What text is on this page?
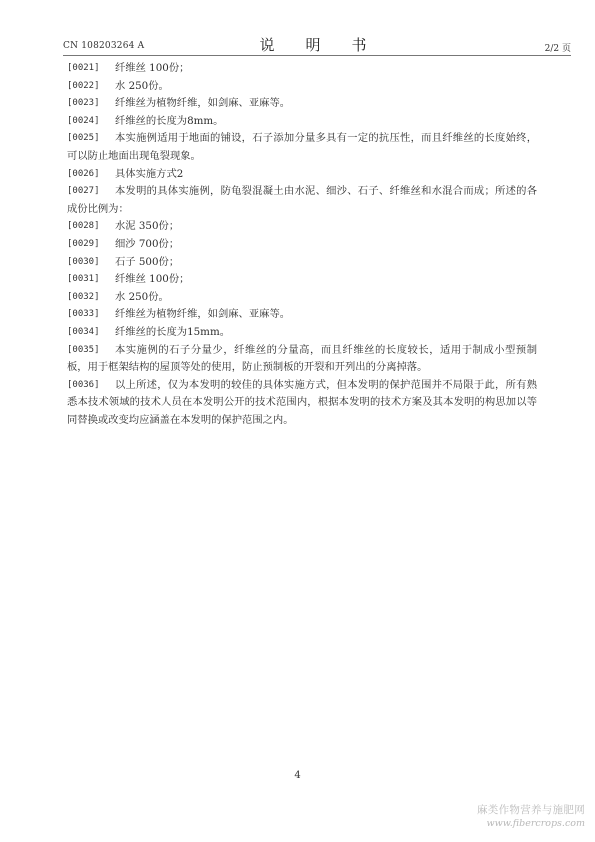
CN 108203264 A	说　明　书	2/2 页
[0021]	纤维丝 100份；
[0022]	水 250份。
[0023]	纤维丝为植物纤维，如剑麻、亚麻等。
[0024]	纤维丝的长度为8mm。
[0025]	本实施例适用于地面的铺设，石子添加分量多具有一定的抗压性，而且纤维丝的长度始终，可以防止地面出现龟裂现象。
[0026]	具体实施方式2
[0027]	本发明的具体实施例，防龟裂混凝土由水泥、细沙、石子、纤维丝和水混合而成；所述的各成份比例为：
[0028]	水泥 350份；
[0029]	细沙 700份；
[0030]	石子 500份；
[0031]	纤维丝 100份；
[0032]	水 250份。
[0033]	纤维丝为植物纤维，如剑麻、亚麻等。
[0034]	纤维丝的长度为15mm。
[0035]	本实施例的石子分量少，纤维丝的分量高，而且纤维丝的长度较长，适用于制成小型预制板，用于框架结构的屋顶等处的使用，防止预制板的开裂和开列出的分离掉落。
[0036]	以上所述，仅为本发明的较佳的具体实施方式，但本发明的保护范围并不局限于此，所有熟悉本技术领域的技术人员在本发明公开的技术范围内，根据本发明的技术方案及其本发明的构思加以等同替换或改变均应涵盖在本发明的保护范围之内。
4
麻类作物营养与施肥网
www.fibercrops.com
